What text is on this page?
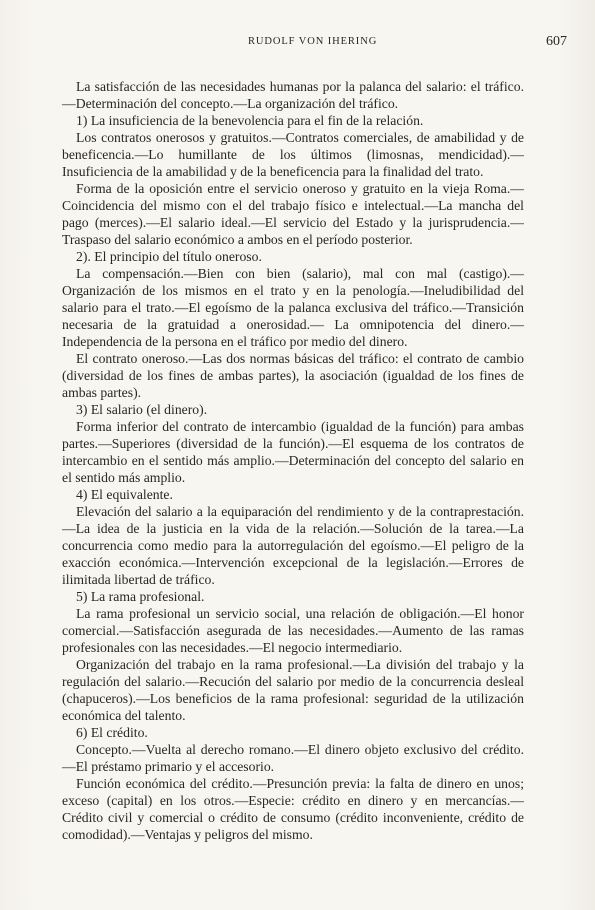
RUDOLF VON IHERING	607

La satisfacción de las necesidades humanas por la palanca del salario: el tráfico.—Determinación del concepto.—La organización del tráfico.

1) La insuficiencia de la benevolencia para el fin de la relación.

Los contratos onerosos y gratuitos.—Contratos comerciales, de amabilidad y de beneficencia.—Lo humillante de los últimos (limosnas, mendicidad).—Insuficiencia de la amabilidad y de la beneficencia para la finalidad del trato.

Forma de la oposición entre el servicio oneroso y gratuito en la vieja Roma.—Coincidencia del mismo con el del trabajo físico e intelectual.—La mancha del pago (merces).—El salario ideal.—El servicio del Estado y la jurisprudencia.—Traspaso del salario económico a ambos en el período posterior.

2). El principio del título oneroso.

La compensación.—Bien con bien (salario), mal con mal (castigo).—Organización de los mismos en el trato y en la penología.—Ineludibilidad del salario para el trato.—El egoísmo de la palanca exclusiva del tráfico.—Transición necesaria de la gratuidad a onerosidad.— La omnipotencia del dinero.—Independencia de la persona en el tráfico por medio del dinero.

El contrato oneroso.—Las dos normas básicas del tráfico: el contrato de cambio (diversidad de los fines de ambas partes), la asociación (igualdad de los fines de ambas partes).

3) El salario (el dinero).

Forma inferior del contrato de intercambio (igualdad de la función) para ambas partes.—Superiores (diversidad de la función).—El esquema de los contratos de intercambio en el sentido más amplio.—Determinación del concepto del salario en el sentido más amplio.

4) El equivalente.

Elevación del salario a la equiparación del rendimiento y de la contraprestación.—La idea de la justicia en la vida de la relación.—Solución de la tarea.—La concurrencia como medio para la autorregulación del egoísmo.—El peligro de la exacción económica.—Intervención excepcional de la legislación.—Errores de ilimitada libertad de tráfico.

5) La rama profesional.

La rama profesional un servicio social, una relación de obligación.—El honor comercial.—Satisfacción asegurada de las necesidades.—Aumento de las ramas profesionales con las necesidades.—El negocio intermediario.

Organización del trabajo en la rama profesional.—La división del trabajo y la regulación del salario.—Recución del salario por medio de la concurrencia desleal (chapuceros).—Los beneficios de la rama profesional: seguridad de la utilización económica del talento.

6) El crédito.

Concepto.—Vuelta al derecho romano.—El dinero objeto exclusivo del crédito.—El préstamo primario y el accesorio.

Función económica del crédito.—Presunción previa: la falta de dinero en unos; exceso (capital) en los otros.—Especie: crédito en dinero y en mercancías.—Crédito civil y comercial o crédito de consumo (crédito inconveniente, crédito de comodidad).—Ventajas y peligros del mismo.
